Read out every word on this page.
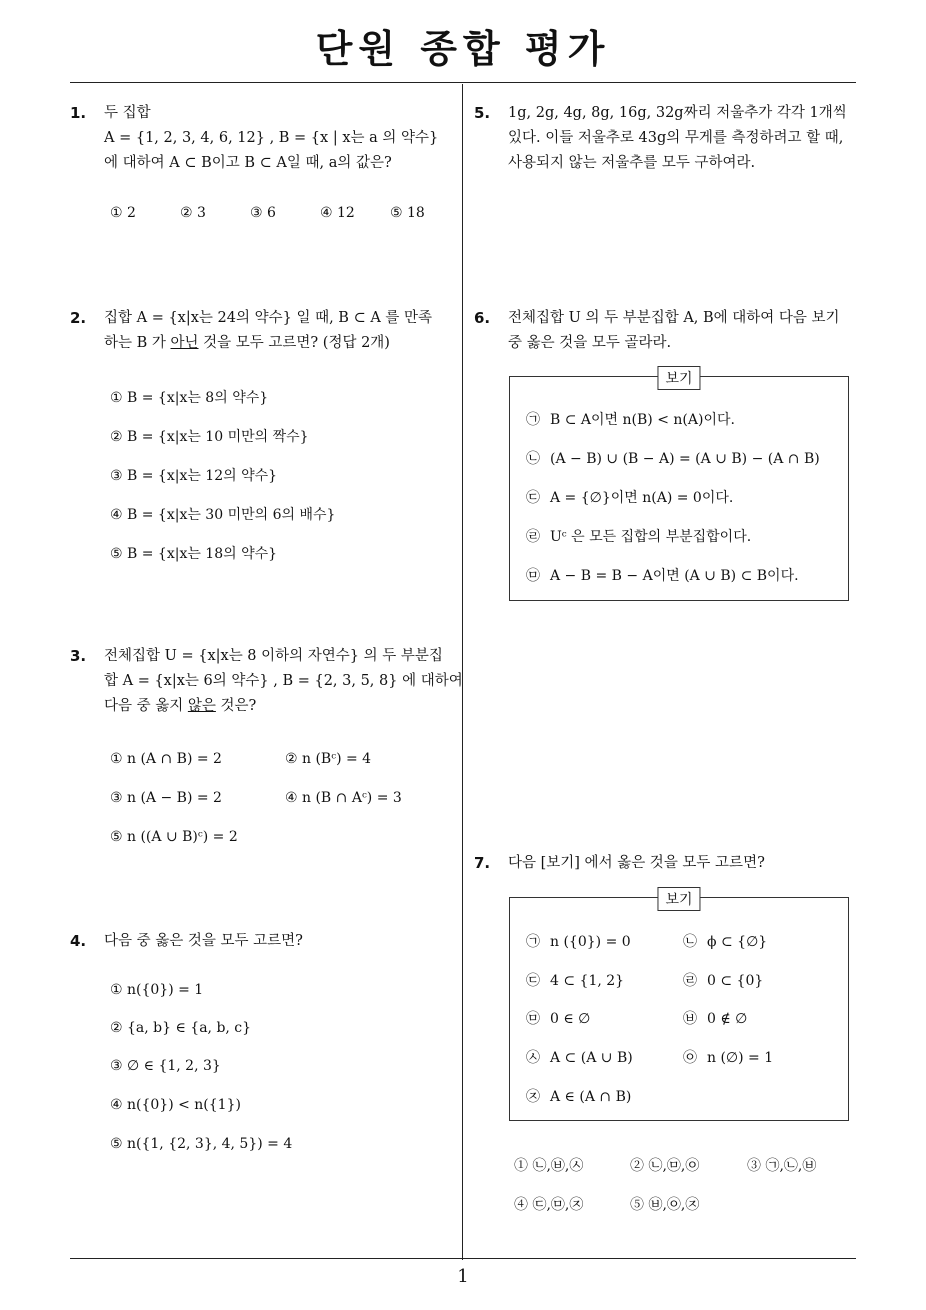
단원 종합 평가
1
1. 두 집합
A = {1, 2, 3, 4, 6, 12} , B = {x | x는 a 의 약수}
에 대하여 A ⊂ B이고 B ⊂ A일 때, a의 값은?
① 2	② 3	③ 6	④ 12	⑤ 18
2. 집합 A = {x|x는 24의 약수} 일 때, B ⊂ A 를 만족
하는 B 가 아닌 것을 모두 고르면? (정답 2개)
① B = {x|x는 8의 약수}
② B = {x|x는 10 미만의 짝수}
③ B = {x|x는 12의 약수}
④ B = {x|x는 30 미만의 6의 배수}
⑤ B = {x|x는 18의 약수}
3. 전체집합 U = {x|x는 8 이하의 자연수} 의 두 부분집
합 A = {x|x는 6의 약수} , B = {2, 3, 5, 8} 에 대하여
다음 중 옳지 않은 것은?
① n (A ∩ B) = 2	② n (Bᶜ) = 4
③ n (A − B) = 2	④ n (B ∩ Aᶜ) = 3
⑤ n ((A ∪ B)ᶜ) = 2
4. 다음 중 옳은 것을 모두 고르면?
① n({0}) = 1
② {a, b} ∈ {a, b, c}
③ ∅ ∈ {1, 2, 3}
④ n({0}) < n({1})
⑤ n({1, {2, 3}, 4, 5}) = 4
5. 1g, 2g, 4g, 8g, 16g, 32g짜리 저울추가 각각 1개씩
있다. 이들 저울추로 43g의 무게를 측정하려고 할 때,
사용되지 않는 저울추를 모두 구하여라.
6. 전체집합 U 의 두 부분집합 A, B에 대하여 다음 보기
중 옳은 것을 모두 골라라.
보기
㉠ B ⊂ A이면 n(B) < n(A)이다.
㉡ (A − B) ∪ (B − A) = (A ∪ B) − (A ∩ B)
㉢ A = {∅}이면 n(A) = 0이다.
㉣ Uᶜ 은 모든 집합의 부분집합이다.
㉤ A − B = B − A이면 (A ∪ B) ⊂ B이다.
7. 다음 [보기] 에서 옳은 것을 모두 고르면?
보기
㉠ n ({0}) = 0	㉡ ϕ ⊂ {∅}
㉢ 4 ⊂ {1, 2}	㉣ 0 ⊂ {0}
㉤ 0 ∈ ∅	㉥ 0 ∉ ∅
㉦ A ⊂ (A ∪ B)	㉧ n (∅) = 1
㉨ A ∈ (A ∩ B)
① ㉡,㉥,㉦	② ㉡,㉤,㉧	③ ㉠,㉡,㉥
④ ㉢,㉤,㉨	⑤ ㉥,㉧,㉨
